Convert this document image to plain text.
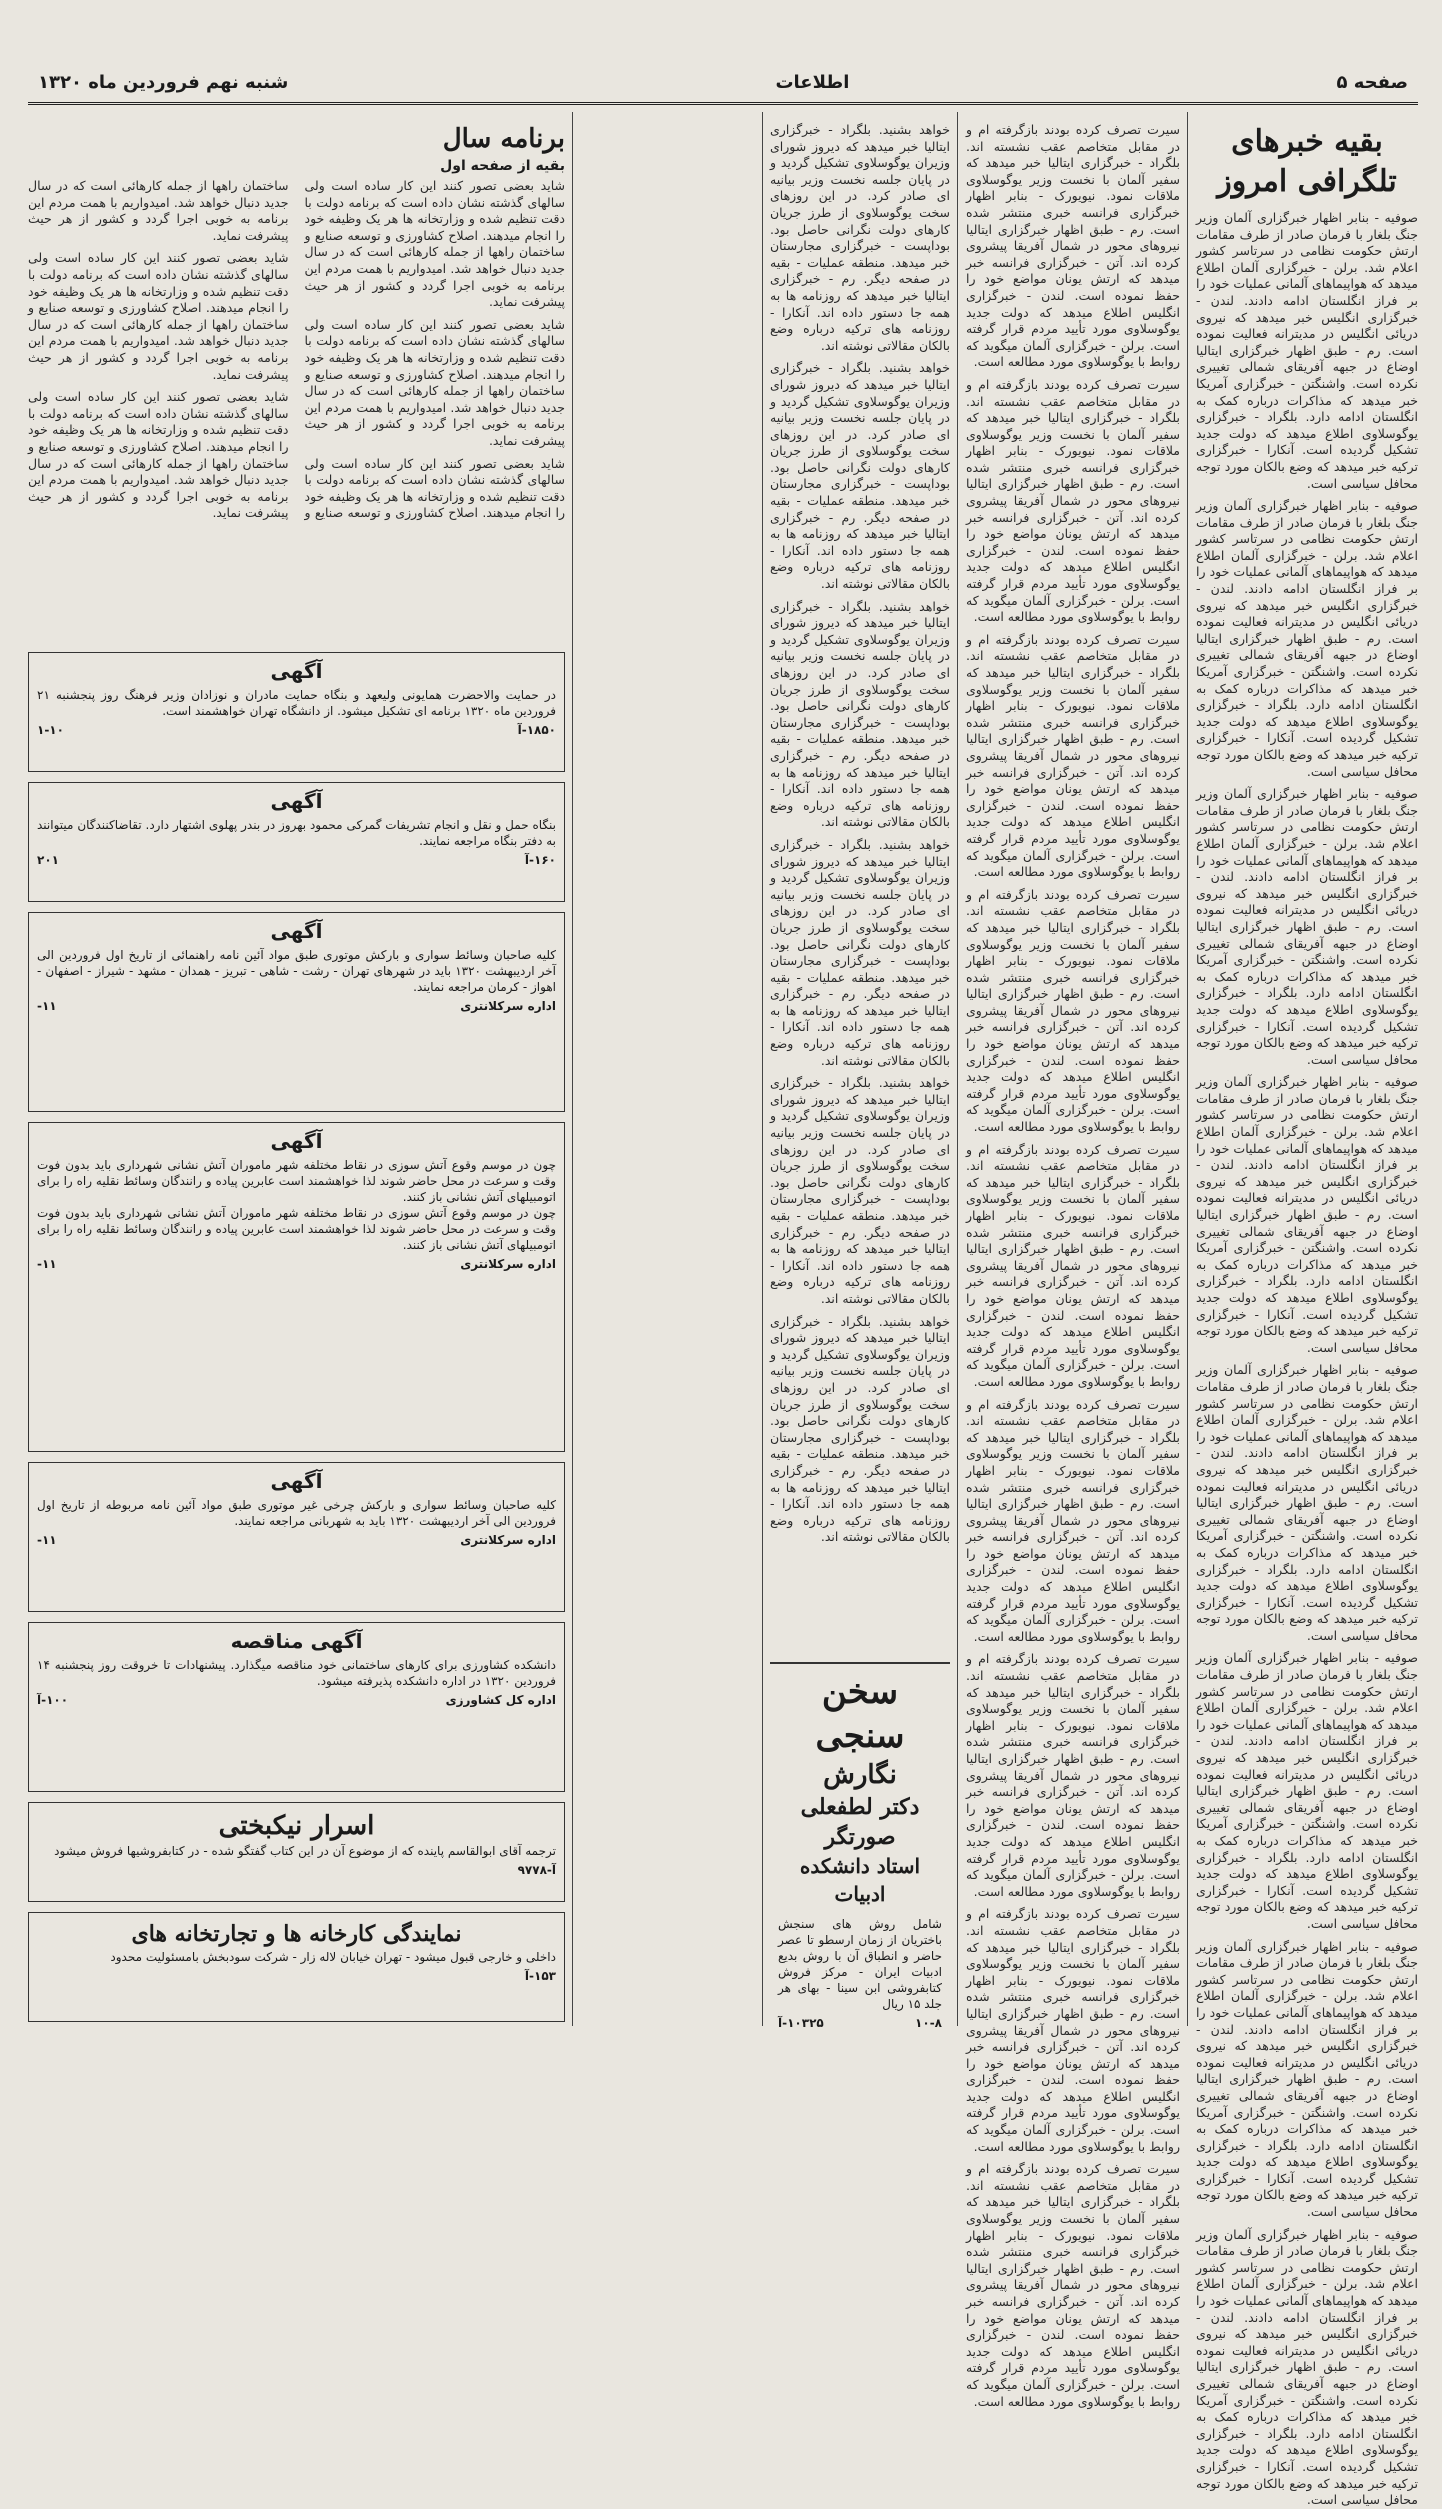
صفحه ۵
اطلاعات
شنبه نهم فروردین ماه ۱۳۲۰
بقیه خبرهای تلگرافی امروز

صوفیه - بنابر اظهار خبرگزاری آلمان وزیر جنگ بلغار با فرمان صادر از طرف مقامات ارتش حکومت نظامی در سرتاسر کشور اعلام شد. برلن - خبرگزاری آلمان اطلاع میدهد که هواپیماهای آلمانی عملیات خود را بر فراز انگلستان ادامه دادند. لندن - خبرگزاری انگلیس خبر میدهد که نیروی دریائی انگلیس در مدیترانه فعالیت نموده است. رم - طبق اظهار خبرگزاری ایتالیا اوضاع در جبهه آفریقای شمالی تغییری نکرده است. واشنگتن - خبرگزاری آمریکا خبر میدهد که مذاکرات درباره کمک به انگلستان ادامه دارد. بلگراد - خبرگزاری یوگوسلاوی اطلاع میدهد که دولت جدید تشکیل گردیده است. آنکارا - خبرگزاری ترکیه خبر میدهد که وضع بالکان مورد توجه محافل سیاسی است.

صوفیه - بنابر اظهار خبرگزاری آلمان وزیر جنگ بلغار با فرمان صادر از طرف مقامات ارتش حکومت نظامی در سرتاسر کشور اعلام شد. برلن - خبرگزاری آلمان اطلاع میدهد که هواپیماهای آلمانی عملیات خود را بر فراز انگلستان ادامه دادند. لندن - خبرگزاری انگلیس خبر میدهد که نیروی دریائی انگلیس در مدیترانه فعالیت نموده است. رم - طبق اظهار خبرگزاری ایتالیا اوضاع در جبهه آفریقای شمالی تغییری نکرده است. واشنگتن - خبرگزاری آمریکا خبر میدهد که مذاکرات درباره کمک به انگلستان ادامه دارد. بلگراد - خبرگزاری یوگوسلاوی اطلاع میدهد که دولت جدید تشکیل گردیده است. آنکارا - خبرگزاری ترکیه خبر میدهد که وضع بالکان مورد توجه محافل سیاسی است.

صوفیه - بنابر اظهار خبرگزاری آلمان وزیر جنگ بلغار با فرمان صادر از طرف مقامات ارتش حکومت نظامی در سرتاسر کشور اعلام شد. برلن - خبرگزاری آلمان اطلاع میدهد که هواپیماهای آلمانی عملیات خود را بر فراز انگلستان ادامه دادند. لندن - خبرگزاری انگلیس خبر میدهد که نیروی دریائی انگلیس در مدیترانه فعالیت نموده است. رم - طبق اظهار خبرگزاری ایتالیا اوضاع در جبهه آفریقای شمالی تغییری نکرده است. واشنگتن - خبرگزاری آمریکا خبر میدهد که مذاکرات درباره کمک به انگلستان ادامه دارد. بلگراد - خبرگزاری یوگوسلاوی اطلاع میدهد که دولت جدید تشکیل گردیده است. آنکارا - خبرگزاری ترکیه خبر میدهد که وضع بالکان مورد توجه محافل سیاسی است.

صوفیه - بنابر اظهار خبرگزاری آلمان وزیر جنگ بلغار با فرمان صادر از طرف مقامات ارتش حکومت نظامی در سرتاسر کشور اعلام شد. برلن - خبرگزاری آلمان اطلاع میدهد که هواپیماهای آلمانی عملیات خود را بر فراز انگلستان ادامه دادند. لندن - خبرگزاری انگلیس خبر میدهد که نیروی دریائی انگلیس در مدیترانه فعالیت نموده است. رم - طبق اظهار خبرگزاری ایتالیا اوضاع در جبهه آفریقای شمالی تغییری نکرده است. واشنگتن - خبرگزاری آمریکا خبر میدهد که مذاکرات درباره کمک به انگلستان ادامه دارد. بلگراد - خبرگزاری یوگوسلاوی اطلاع میدهد که دولت جدید تشکیل گردیده است. آنکارا - خبرگزاری ترکیه خبر میدهد که وضع بالکان مورد توجه محافل سیاسی است.

صوفیه - بنابر اظهار خبرگزاری آلمان وزیر جنگ بلغار با فرمان صادر از طرف مقامات ارتش حکومت نظامی در سرتاسر کشور اعلام شد. برلن - خبرگزاری آلمان اطلاع میدهد که هواپیماهای آلمانی عملیات خود را بر فراز انگلستان ادامه دادند. لندن - خبرگزاری انگلیس خبر میدهد که نیروی دریائی انگلیس در مدیترانه فعالیت نموده است. رم - طبق اظهار خبرگزاری ایتالیا اوضاع در جبهه آفریقای شمالی تغییری نکرده است. واشنگتن - خبرگزاری آمریکا خبر میدهد که مذاکرات درباره کمک به انگلستان ادامه دارد. بلگراد - خبرگزاری یوگوسلاوی اطلاع میدهد که دولت جدید تشکیل گردیده است. آنکارا - خبرگزاری ترکیه خبر میدهد که وضع بالکان مورد توجه محافل سیاسی است.

صوفیه - بنابر اظهار خبرگزاری آلمان وزیر جنگ بلغار با فرمان صادر از طرف مقامات ارتش حکومت نظامی در سرتاسر کشور اعلام شد. برلن - خبرگزاری آلمان اطلاع میدهد که هواپیماهای آلمانی عملیات خود را بر فراز انگلستان ادامه دادند. لندن - خبرگزاری انگلیس خبر میدهد که نیروی دریائی انگلیس در مدیترانه فعالیت نموده است. رم - طبق اظهار خبرگزاری ایتالیا اوضاع در جبهه آفریقای شمالی تغییری نکرده است. واشنگتن - خبرگزاری آمریکا خبر میدهد که مذاکرات درباره کمک به انگلستان ادامه دارد. بلگراد - خبرگزاری یوگوسلاوی اطلاع میدهد که دولت جدید تشکیل گردیده است. آنکارا - خبرگزاری ترکیه خبر میدهد که وضع بالکان مورد توجه محافل سیاسی است.

صوفیه - بنابر اظهار خبرگزاری آلمان وزیر جنگ بلغار با فرمان صادر از طرف مقامات ارتش حکومت نظامی در سرتاسر کشور اعلام شد. برلن - خبرگزاری آلمان اطلاع میدهد که هواپیماهای آلمانی عملیات خود را بر فراز انگلستان ادامه دادند. لندن - خبرگزاری انگلیس خبر میدهد که نیروی دریائی انگلیس در مدیترانه فعالیت نموده است. رم - طبق اظهار خبرگزاری ایتالیا اوضاع در جبهه آفریقای شمالی تغییری نکرده است. واشنگتن - خبرگزاری آمریکا خبر میدهد که مذاکرات درباره کمک به انگلستان ادامه دارد. بلگراد - خبرگزاری یوگوسلاوی اطلاع میدهد که دولت جدید تشکیل گردیده است. آنکارا - خبرگزاری ترکیه خبر میدهد که وضع بالکان مورد توجه محافل سیاسی است.

صوفیه - بنابر اظهار خبرگزاری آلمان وزیر جنگ بلغار با فرمان صادر از طرف مقامات ارتش حکومت نظامی در سرتاسر کشور اعلام شد. برلن - خبرگزاری آلمان اطلاع میدهد که هواپیماهای آلمانی عملیات خود را بر فراز انگلستان ادامه دادند. لندن - خبرگزاری انگلیس خبر میدهد که نیروی دریائی انگلیس در مدیترانه فعالیت نموده است. رم - طبق اظهار خبرگزاری ایتالیا اوضاع در جبهه آفریقای شمالی تغییری نکرده است. واشنگتن - خبرگزاری آمریکا خبر میدهد که مذاکرات درباره کمک به انگلستان ادامه دارد. بلگراد - خبرگزاری یوگوسلاوی اطلاع میدهد که دولت جدید تشکیل گردیده است. آنکارا - خبرگزاری ترکیه خبر میدهد که وضع بالکان مورد توجه محافل سیاسی است.

سیرت تصرف کرده بودند بازگرفته ام و در مقابل متخاصم عقب نشسته اند. بلگراد - خبرگزاری ایتالیا خبر میدهد که سفیر آلمان با نخست وزیر یوگوسلاوی ملاقات نمود. نیویورک - بنابر اظهار خبرگزاری فرانسه خبری منتشر شده است. رم - طبق اظهار خبرگزاری ایتالیا نیروهای محور در شمال آفریقا پیشروی کرده اند. آتن - خبرگزاری فرانسه خبر میدهد که ارتش یونان مواضع خود را حفظ نموده است. لندن - خبرگزاری انگلیس اطلاع میدهد که دولت جدید یوگوسلاوی مورد تأیید مردم قرار گرفته است. برلن - خبرگزاری آلمان میگوید که روابط با یوگوسلاوی مورد مطالعه است.

سیرت تصرف کرده بودند بازگرفته ام و در مقابل متخاصم عقب نشسته اند. بلگراد - خبرگزاری ایتالیا خبر میدهد که سفیر آلمان با نخست وزیر یوگوسلاوی ملاقات نمود. نیویورک - بنابر اظهار خبرگزاری فرانسه خبری منتشر شده است. رم - طبق اظهار خبرگزاری ایتالیا نیروهای محور در شمال آفریقا پیشروی کرده اند. آتن - خبرگزاری فرانسه خبر میدهد که ارتش یونان مواضع خود را حفظ نموده است. لندن - خبرگزاری انگلیس اطلاع میدهد که دولت جدید یوگوسلاوی مورد تأیید مردم قرار گرفته است. برلن - خبرگزاری آلمان میگوید که روابط با یوگوسلاوی مورد مطالعه است.

سیرت تصرف کرده بودند بازگرفته ام و در مقابل متخاصم عقب نشسته اند. بلگراد - خبرگزاری ایتالیا خبر میدهد که سفیر آلمان با نخست وزیر یوگوسلاوی ملاقات نمود. نیویورک - بنابر اظهار خبرگزاری فرانسه خبری منتشر شده است. رم - طبق اظهار خبرگزاری ایتالیا نیروهای محور در شمال آفریقا پیشروی کرده اند. آتن - خبرگزاری فرانسه خبر میدهد که ارتش یونان مواضع خود را حفظ نموده است. لندن - خبرگزاری انگلیس اطلاع میدهد که دولت جدید یوگوسلاوی مورد تأیید مردم قرار گرفته است. برلن - خبرگزاری آلمان میگوید که روابط با یوگوسلاوی مورد مطالعه است.

سیرت تصرف کرده بودند بازگرفته ام و در مقابل متخاصم عقب نشسته اند. بلگراد - خبرگزاری ایتالیا خبر میدهد که سفیر آلمان با نخست وزیر یوگوسلاوی ملاقات نمود. نیویورک - بنابر اظهار خبرگزاری فرانسه خبری منتشر شده است. رم - طبق اظهار خبرگزاری ایتالیا نیروهای محور در شمال آفریقا پیشروی کرده اند. آتن - خبرگزاری فرانسه خبر میدهد که ارتش یونان مواضع خود را حفظ نموده است. لندن - خبرگزاری انگلیس اطلاع میدهد که دولت جدید یوگوسلاوی مورد تأیید مردم قرار گرفته است. برلن - خبرگزاری آلمان میگوید که روابط با یوگوسلاوی مورد مطالعه است.

سیرت تصرف کرده بودند بازگرفته ام و در مقابل متخاصم عقب نشسته اند. بلگراد - خبرگزاری ایتالیا خبر میدهد که سفیر آلمان با نخست وزیر یوگوسلاوی ملاقات نمود. نیویورک - بنابر اظهار خبرگزاری فرانسه خبری منتشر شده است. رم - طبق اظهار خبرگزاری ایتالیا نیروهای محور در شمال آفریقا پیشروی کرده اند. آتن - خبرگزاری فرانسه خبر میدهد که ارتش یونان مواضع خود را حفظ نموده است. لندن - خبرگزاری انگلیس اطلاع میدهد که دولت جدید یوگوسلاوی مورد تأیید مردم قرار گرفته است. برلن - خبرگزاری آلمان میگوید که روابط با یوگوسلاوی مورد مطالعه است.

سیرت تصرف کرده بودند بازگرفته ام و در مقابل متخاصم عقب نشسته اند. بلگراد - خبرگزاری ایتالیا خبر میدهد که سفیر آلمان با نخست وزیر یوگوسلاوی ملاقات نمود. نیویورک - بنابر اظهار خبرگزاری فرانسه خبری منتشر شده است. رم - طبق اظهار خبرگزاری ایتالیا نیروهای محور در شمال آفریقا پیشروی کرده اند. آتن - خبرگزاری فرانسه خبر میدهد که ارتش یونان مواضع خود را حفظ نموده است. لندن - خبرگزاری انگلیس اطلاع میدهد که دولت جدید یوگوسلاوی مورد تأیید مردم قرار گرفته است. برلن - خبرگزاری آلمان میگوید که روابط با یوگوسلاوی مورد مطالعه است.

سیرت تصرف کرده بودند بازگرفته ام و در مقابل متخاصم عقب نشسته اند. بلگراد - خبرگزاری ایتالیا خبر میدهد که سفیر آلمان با نخست وزیر یوگوسلاوی ملاقات نمود. نیویورک - بنابر اظهار خبرگزاری فرانسه خبری منتشر شده است. رم - طبق اظهار خبرگزاری ایتالیا نیروهای محور در شمال آفریقا پیشروی کرده اند. آتن - خبرگزاری فرانسه خبر میدهد که ارتش یونان مواضع خود را حفظ نموده است. لندن - خبرگزاری انگلیس اطلاع میدهد که دولت جدید یوگوسلاوی مورد تأیید مردم قرار گرفته است. برلن - خبرگزاری آلمان میگوید که روابط با یوگوسلاوی مورد مطالعه است.

سیرت تصرف کرده بودند بازگرفته ام و در مقابل متخاصم عقب نشسته اند. بلگراد - خبرگزاری ایتالیا خبر میدهد که سفیر آلمان با نخست وزیر یوگوسلاوی ملاقات نمود. نیویورک - بنابر اظهار خبرگزاری فرانسه خبری منتشر شده است. رم - طبق اظهار خبرگزاری ایتالیا نیروهای محور در شمال آفریقا پیشروی کرده اند. آتن - خبرگزاری فرانسه خبر میدهد که ارتش یونان مواضع خود را حفظ نموده است. لندن - خبرگزاری انگلیس اطلاع میدهد که دولت جدید یوگوسلاوی مورد تأیید مردم قرار گرفته است. برلن - خبرگزاری آلمان میگوید که روابط با یوگوسلاوی مورد مطالعه است.

سیرت تصرف کرده بودند بازگرفته ام و در مقابل متخاصم عقب نشسته اند. بلگراد - خبرگزاری ایتالیا خبر میدهد که سفیر آلمان با نخست وزیر یوگوسلاوی ملاقات نمود. نیویورک - بنابر اظهار خبرگزاری فرانسه خبری منتشر شده است. رم - طبق اظهار خبرگزاری ایتالیا نیروهای محور در شمال آفریقا پیشروی کرده اند. آتن - خبرگزاری فرانسه خبر میدهد که ارتش یونان مواضع خود را حفظ نموده است. لندن - خبرگزاری انگلیس اطلاع میدهد که دولت جدید یوگوسلاوی مورد تأیید مردم قرار گرفته است. برلن - خبرگزاری آلمان میگوید که روابط با یوگوسلاوی مورد مطالعه است.

خواهد بشنید. بلگراد - خبرگزاری ایتالیا خبر میدهد که دیروز شورای وزیران یوگوسلاوی تشکیل گردید و در پایان جلسه نخست وزیر بیانیه ای صادر کرد. در این روزهای سخت یوگوسلاوی از طرز جریان کارهای دولت نگرانی حاصل بود. بوداپست - خبرگزاری مجارستان خبر میدهد. منطقه عملیات - بقیه در صفحه دیگر. رم - خبرگزاری ایتالیا خبر میدهد که روزنامه ها به همه جا دستور داده اند. آنکارا - روزنامه های ترکیه درباره وضع بالکان مقالاتی نوشته اند.

خواهد بشنید. بلگراد - خبرگزاری ایتالیا خبر میدهد که دیروز شورای وزیران یوگوسلاوی تشکیل گردید و در پایان جلسه نخست وزیر بیانیه ای صادر کرد. در این روزهای سخت یوگوسلاوی از طرز جریان کارهای دولت نگرانی حاصل بود. بوداپست - خبرگزاری مجارستان خبر میدهد. منطقه عملیات - بقیه در صفحه دیگر. رم - خبرگزاری ایتالیا خبر میدهد که روزنامه ها به همه جا دستور داده اند. آنکارا - روزنامه های ترکیه درباره وضع بالکان مقالاتی نوشته اند.

خواهد بشنید. بلگراد - خبرگزاری ایتالیا خبر میدهد که دیروز شورای وزیران یوگوسلاوی تشکیل گردید و در پایان جلسه نخست وزیر بیانیه ای صادر کرد. در این روزهای سخت یوگوسلاوی از طرز جریان کارهای دولت نگرانی حاصل بود. بوداپست - خبرگزاری مجارستان خبر میدهد. منطقه عملیات - بقیه در صفحه دیگر. رم - خبرگزاری ایتالیا خبر میدهد که روزنامه ها به همه جا دستور داده اند. آنکارا - روزنامه های ترکیه درباره وضع بالکان مقالاتی نوشته اند.

خواهد بشنید. بلگراد - خبرگزاری ایتالیا خبر میدهد که دیروز شورای وزیران یوگوسلاوی تشکیل گردید و در پایان جلسه نخست وزیر بیانیه ای صادر کرد. در این روزهای سخت یوگوسلاوی از طرز جریان کارهای دولت نگرانی حاصل بود. بوداپست - خبرگزاری مجارستان خبر میدهد. منطقه عملیات - بقیه در صفحه دیگر. رم - خبرگزاری ایتالیا خبر میدهد که روزنامه ها به همه جا دستور داده اند. آنکارا - روزنامه های ترکیه درباره وضع بالکان مقالاتی نوشته اند.

خواهد بشنید. بلگراد - خبرگزاری ایتالیا خبر میدهد که دیروز شورای وزیران یوگوسلاوی تشکیل گردید و در پایان جلسه نخست وزیر بیانیه ای صادر کرد. در این روزهای سخت یوگوسلاوی از طرز جریان کارهای دولت نگرانی حاصل بود. بوداپست - خبرگزاری مجارستان خبر میدهد. منطقه عملیات - بقیه در صفحه دیگر. رم - خبرگزاری ایتالیا خبر میدهد که روزنامه ها به همه جا دستور داده اند. آنکارا - روزنامه های ترکیه درباره وضع بالکان مقالاتی نوشته اند.

خواهد بشنید. بلگراد - خبرگزاری ایتالیا خبر میدهد که دیروز شورای وزیران یوگوسلاوی تشکیل گردید و در پایان جلسه نخست وزیر بیانیه ای صادر کرد. در این روزهای سخت یوگوسلاوی از طرز جریان کارهای دولت نگرانی حاصل بود. بوداپست - خبرگزاری مجارستان خبر میدهد. منطقه عملیات - بقیه در صفحه دیگر. رم - خبرگزاری ایتالیا خبر میدهد که روزنامه ها به همه جا دستور داده اند. آنکارا - روزنامه های ترکیه درباره وضع بالکان مقالاتی نوشته اند.

سخن سنجی
نگارش
دکتر لطفعلی صورتگر
استاد دانشکده ادبیات
شامل روش های سنجش باختریان از زمان ارسطو تا عصر حاضر و انطباق آن با روش بدیع ادبیات ایران - مرکز فروش کتابفروشی ابن سینا - بهای هر جلد ۱۵ ریال
۱۰-۸
۱۰۳۲۵-آ
برنامه سال
بقیه از صفحه اول

شاید بعضی تصور کنند این کار ساده است ولی سالهای گذشته نشان داده است که برنامه دولت با دقت تنظیم شده و وزارتخانه ها هر یک وظیفه خود را انجام میدهند. اصلاح کشاورزی و توسعه صنایع و ساختمان راهها از جمله کارهائی است که در سال جدید دنبال خواهد شد. امیدواریم با همت مردم این برنامه به خوبی اجرا گردد و کشور از هر حیث پیشرفت نماید.

شاید بعضی تصور کنند این کار ساده است ولی سالهای گذشته نشان داده است که برنامه دولت با دقت تنظیم شده و وزارتخانه ها هر یک وظیفه خود را انجام میدهند. اصلاح کشاورزی و توسعه صنایع و ساختمان راهها از جمله کارهائی است که در سال جدید دنبال خواهد شد. امیدواریم با همت مردم این برنامه به خوبی اجرا گردد و کشور از هر حیث پیشرفت نماید.

شاید بعضی تصور کنند این کار ساده است ولی سالهای گذشته نشان داده است که برنامه دولت با دقت تنظیم شده و وزارتخانه ها هر یک وظیفه خود را انجام میدهند. اصلاح کشاورزی و توسعه صنایع و ساختمان راهها از جمله کارهائی است که در سال جدید دنبال خواهد شد. امیدواریم با همت مردم این برنامه به خوبی اجرا گردد و کشور از هر حیث پیشرفت نماید.

شاید بعضی تصور کنند این کار ساده است ولی سالهای گذشته نشان داده است که برنامه دولت با دقت تنظیم شده و وزارتخانه ها هر یک وظیفه خود را انجام میدهند. اصلاح کشاورزی و توسعه صنایع و ساختمان راهها از جمله کارهائی است که در سال جدید دنبال خواهد شد. امیدواریم با همت مردم این برنامه به خوبی اجرا گردد و کشور از هر حیث پیشرفت نماید.

شاید بعضی تصور کنند این کار ساده است ولی سالهای گذشته نشان داده است که برنامه دولت با دقت تنظیم شده و وزارتخانه ها هر یک وظیفه خود را انجام میدهند. اصلاح کشاورزی و توسعه صنایع و ساختمان راهها از جمله کارهائی است که در سال جدید دنبال خواهد شد. امیدواریم با همت مردم این برنامه به خوبی اجرا گردد و کشور از هر حیث پیشرفت نماید.

آگهی
در حمایت والاحضرت همایونی ولیعهد و بنگاه حمایت مادران و نوزادان وزیر فرهنگ روز پنجشنبه ۲۱ فروردین ماه ۱۳۲۰ برنامه ای تشکیل میشود. از دانشگاه تهران خواهشمند است.
۱۸۵۰-آ
۱-۱۰
آگهی
بنگاه حمل و نقل و انجام تشریفات گمرکی محمود بهروز در بندر پهلوی اشتهار دارد. تقاضاکنندگان میتوانند به دفتر بنگاه مراجعه نمایند.
۱۶۰-آ
۲۰۱
آگهی
کلیه صاحبان وسائط سواری و بارکش موتوری طبق مواد آئین نامه راهنمائی از تاریخ اول فروردین الی آخر اردیبهشت ۱۳۲۰ باید در شهرهای تهران - رشت - شاهی - تبریز - همدان - مشهد - شیراز - اصفهان - اهواز - کرمان مراجعه نمایند.
اداره سرکلانتری
۱۱-
آگهی
چون در موسم وقوع آتش سوزی در نقاط مختلفه شهر ماموران آتش نشانی شهرداری باید بدون فوت وقت و سرعت در محل حاضر شوند لذا خواهشمند است عابرین پیاده و رانندگان وسائط نقلیه راه را برای اتومبیلهای آتش نشانی باز کنند.
چون در موسم وقوع آتش سوزی در نقاط مختلفه شهر ماموران آتش نشانی شهرداری باید بدون فوت وقت و سرعت در محل حاضر شوند لذا خواهشمند است عابرین پیاده و رانندگان وسائط نقلیه راه را برای اتومبیلهای آتش نشانی باز کنند.
اداره سرکلانتری
۱۱-
آگهی
کلیه صاحبان وسائط سواری و بارکش چرخی غیر موتوری طبق مواد آئین نامه مربوطه از تاریخ اول فروردین الی آخر اردیبهشت ۱۳۲۰ باید به شهربانی مراجعه نمایند.
اداره سرکلانتری
۱۱-
آگهی مناقصه
دانشکده کشاورزی برای کارهای ساختمانی خود مناقصه میگذارد. پیشنهادات تا خروقت روز پنجشنبه ۱۴ فروردین ۱۳۲۰ در اداره دانشکده پذیرفته میشود.
اداره کل کشاورزی
۱۰۰-آ
اسرار نیکبختی
ترجمه آقای ابوالقاسم پاینده که از موضوع آن در این کتاب گفتگو شده - در کتابفروشیها فروش میشود
آ-۹۷۷۸
نمایندگی کارخانه ها و تجارتخانه های
داخلی و خارجی قبول میشود - تهران خیابان لاله زار - شرکت سودبخش بامسئولیت محدود
۱۵۳-آ
